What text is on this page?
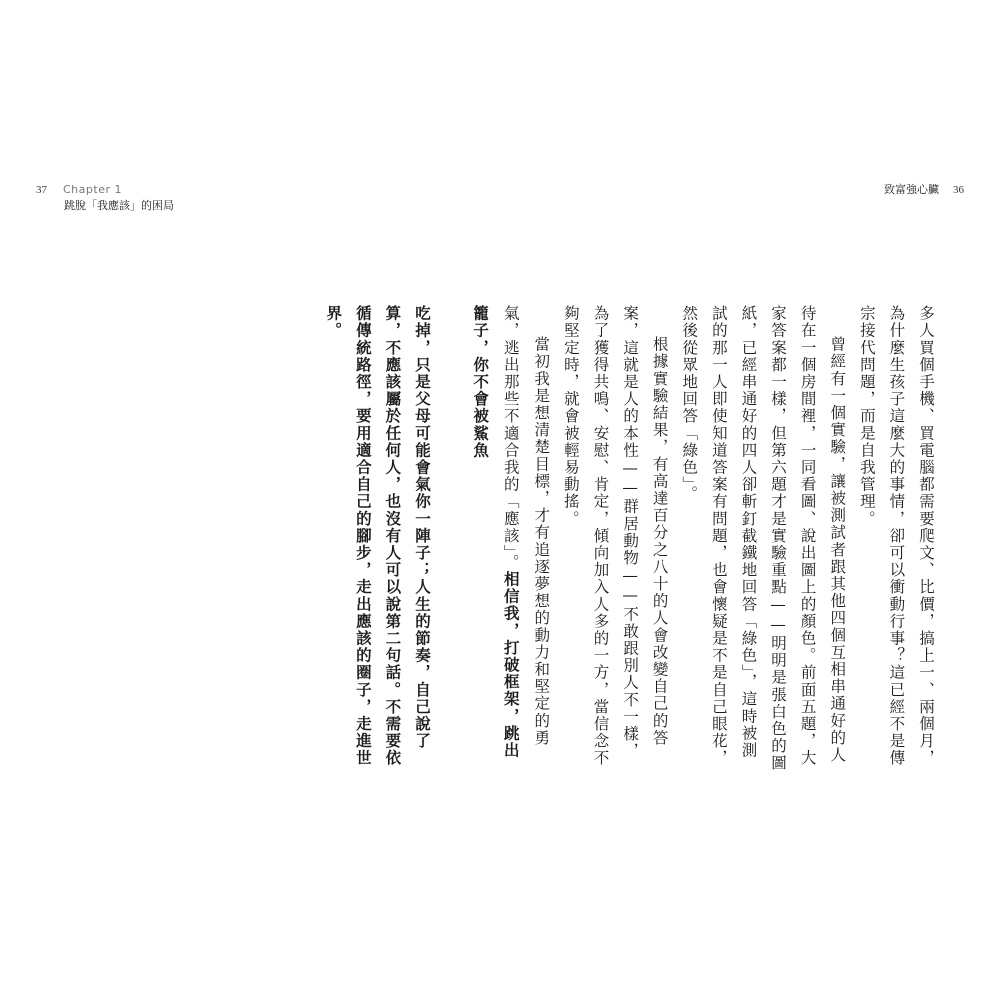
37 Chapter 1
跳脫「我應該」的困局
致富強心臟 36

多人買個手機、買電腦都需要爬文、比價，搞上一、兩個月，為什麼生孩子這麼大的事情，卻可以衝動行事？這已經不是傳宗接代問題，而是自我管理。

曾經有一個實驗，讓被測試者跟其他四個互相串通好的人待在一個房間裡，一同看圖、說出圖上的顏色。前面五題，大家答案都一樣，但第六題才是實驗重點——明明是張白色的圖紙，已經串通好的四人卻斬釘截鐵地回答「綠色」，這時被測試的那一人即使知道答案有問題，也會懷疑是不是自己眼花，然後從眾地回答「綠色」。

根據實驗結果，有高達百分之八十的人會改變自己的答案，這就是人的本性——群居動物——不敢跟別人不一樣，為了獲得共鳴、安慰、肯定，傾向加入人多的一方，當信念不夠堅定時，就會被輕易動搖。

當初我是想清楚目標，才有追逐夢想的動力和堅定的勇氣，逃出那些不適合我的「應該」。相信我，打破框架，跳出籠子，你不會被鯊魚

吃掉，只是父母可能會氣你一陣子；人生的節奏，自己說了算，不應該屬於任何人，也沒有人可以說第二句話。不需要依循傳統路徑，要用適合自己的腳步，走出應該的圈子，走進世界。
